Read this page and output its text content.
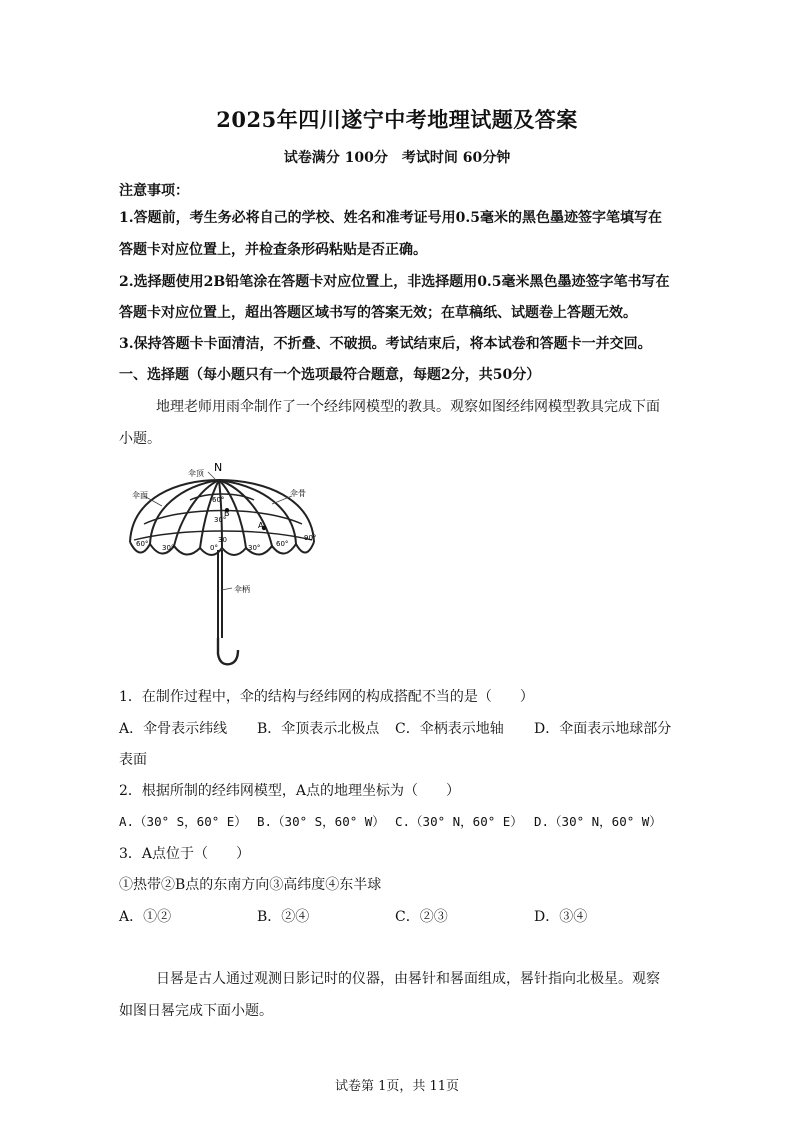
2025年四川遂宁中考地理试题及答案
试卷满分 100分　考试时间 60分钟
注意事项：
1.答题前，考生务必将自己的学校、姓名和准考证号用0.5毫米的黑色墨迹签字笔填写在
答题卡对应位置上，并检查条形码粘贴是否正确。
2.选择题使用2B铅笔涂在答题卡对应位置上，非选择题用0.5毫米黑色墨迹签字笔书写在
答题卡对应位置上，超出答题区域书写的答案无效；在草稿纸、试题卷上答题无效。
3.保持答题卡卡面清洁，不折叠、不破损。考试结束后，将本试卷和答题卡一并交回。
一、选择题（每小题只有一个选项最符合题意，每题2分，共50分）
地理老师用雨伞制作了一个经纬网模型的教具。观察如图经纬网模型教具完成下面
小题。
N
伞顶
伞面	伞骨
伞柄
60°
30°
B
A
60° 30°	0°
30
30° 60°
90°
1．在制作过程中，伞的结构与经纬网的构成搭配不当的是（　　）
A．伞骨表示纬线 B．伞顶表示北极点 C．伞柄表示地轴 D．伞面表示地球部分
表面
2．根据所制的经纬网模型，A点的地理坐标为（　　）
A.（30° S，60° E） B.（30° S，60° W） C.（30° N，60° E） D.（30° N，60° W）
3．A点位于（　　）
①热带②B点的东南方向③高纬度④东半球
A．①②	B．②④	C．②③	D．③④
日晷是古人通过观测日影记时的仪器，由晷针和晷面组成，晷针指向北极星。观察
如图日晷完成下面小题。
试卷第 1页，共 11页
